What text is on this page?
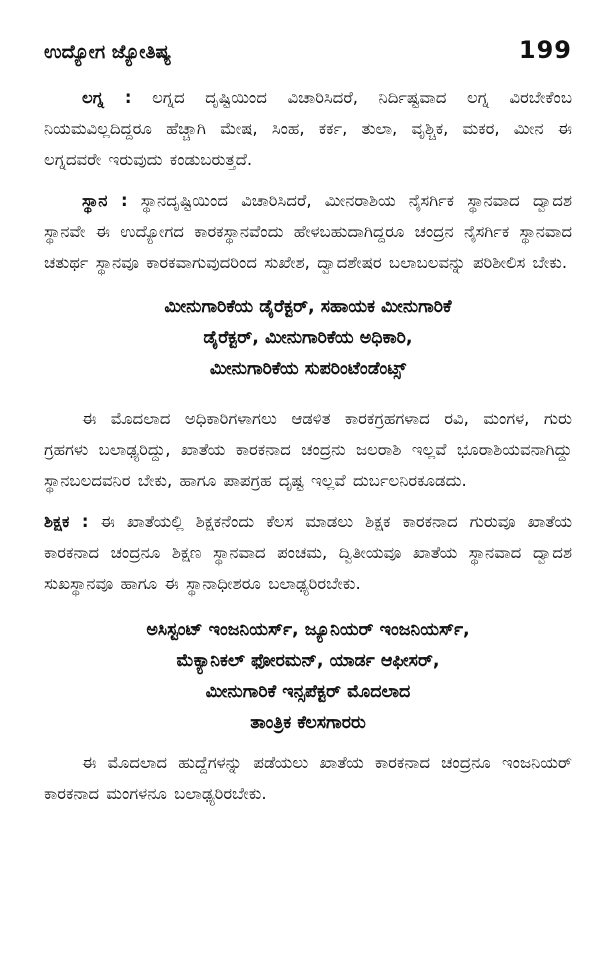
ಉದ್ಯೋಗ ಜ್ಯೋತಿಷ್ಯ	199

ಲಗ್ನ : ಲಗ್ನದ ದೃಷ್ಟಿಯಿಂದ ವಿಚಾರಿಸಿದರೆ, ನಿರ್ದಿಷ್ಟವಾದ ಲಗ್ನ ವಿರಬೇಕೆಂಬ ನಿಯಮವಿಲ್ಲದಿದ್ದರೂ ಹೆಚ್ಚಾಗಿ ಮೇಷ, ಸಿಂಹ, ಕರ್ಕ, ತುಲಾ, ವೃಶ್ಚಿಕ, ಮಕರ, ಮೀನ ಈ ಲಗ್ನದವರೇ ಇರುವುದು ಕಂಡುಬರುತ್ತದೆ.

ಸ್ಥಾನ : ಸ್ಥಾನದೃಷ್ಟಿಯಿಂದ ವಿಚಾರಿಸಿದರೆ, ಮೀನರಾಶಿಯ ನೈಸರ್ಗಿಕ ಸ್ಥಾನವಾದ ದ್ವಾದಶ ಸ್ಥಾನವೇ ಈ ಉದ್ಯೋಗದ ಕಾರಕಸ್ಥಾನವೆಂದು ಹೇಳಬಹುದಾಗಿದ್ದರೂ ಚಂದ್ರನ ನೈಸರ್ಗಿಕ ಸ್ಥಾನವಾದ ಚತುರ್ಥ ಸ್ಥಾನವೂ ಕಾರಕವಾಗುವುದರಿಂದ ಸುಖೇಶ, ದ್ವಾದಶೇಷರ ಬಲಾಬಲವನ್ನು ಪರಿಶೀಲಿಸ ಬೇಕು.

ಮೀನುಗಾರಿಕೆಯ ಡೈರೆಕ್ಟರ್, ಸಹಾಯಕ ಮೀನುಗಾರಿಕೆ
ಡೈರೆಕ್ಟರ್, ಮೀನುಗಾರಿಕೆಯ ಅಧಿಕಾರಿ,
ಮೀನುಗಾರಿಕೆಯ ಸುಪರಿಂಟೆಂಡೆಂಟ್ಸ್

ಈ ಮೊದಲಾದ ಅಧಿಕಾರಿಗಳಾಗಲು ಆಡಳಿತ ಕಾರಕಗ್ರಹಗಳಾದ ರವಿ, ಮಂಗಳ, ಗುರು ಗ್ರಹಗಳು ಬಲಾಢ್ಯರಿದ್ದು, ಖಾತೆಯ ಕಾರಕನಾದ ಚಂದ್ರನು ಜಲರಾಶಿ ಇಲ್ಲವೆ ಭೂರಾಶಿಯವನಾಗಿದ್ದು ಸ್ಥಾನಬಲದವನಿರ ಬೇಕು, ಹಾಗೂ ಪಾಪಗ್ರಹ ದೃಷ್ಟ ಇಲ್ಲವೆ ದುರ್ಬಲನಿರಕೂಡದು.

ಶಿಕ್ಷಕ : ಈ ಖಾತೆಯಲ್ಲಿ ಶಿಕ್ಷಕನೆಂದು ಕೆಲಸ ಮಾಡಲು ಶಿಕ್ಷಕ ಕಾರಕನಾದ ಗುರುವೂ ಖಾತೆಯ ಕಾರಕನಾದ ಚಂದ್ರನೂ ಶಿಕ್ಷಣ ಸ್ಥಾನವಾದ ಪಂಚಮ, ದ್ವಿತೀಯವೂ ಖಾತೆಯ ಸ್ಥಾನವಾದ ದ್ವಾದಶ ಸುಖಸ್ಥಾನವೂ ಹಾಗೂ ಈ ಸ್ಥಾನಾಧೀಶರೂ ಬಲಾಢ್ಯರಿರಬೇಕು.

ಅಸಿಸ್ಟಂಟ್ ಇಂಜನಿಯರ್ಸ್, ಜ್ಯೂನಿಯರ್ ಇಂಜನಿಯರ್ಸ್,
ಮೆಕ್ಯಾನಿಕಲ್ ಫೋರಮನ್, ಯಾರ್ಡ ಆಫೀಸರ್,
ಮೀನುಗಾರಿಕೆ ಇನ್ಸಪೆಕ್ಟರ್ ಮೊದಲಾದ
ತಾಂತ್ರಿಕ ಕೆಲಸಗಾರರು

ಈ ಮೊದಲಾದ ಹುದ್ದೆಗಳನ್ನು ಪಡೆಯಲು ಖಾತೆಯ ಕಾರಕನಾದ ಚಂದ್ರನೂ ಇಂಜನಿಯರ್ ಕಾರಕನಾದ ಮಂಗಳನೂ ಬಲಾಢ್ಯರಿರಬೇಕು.
